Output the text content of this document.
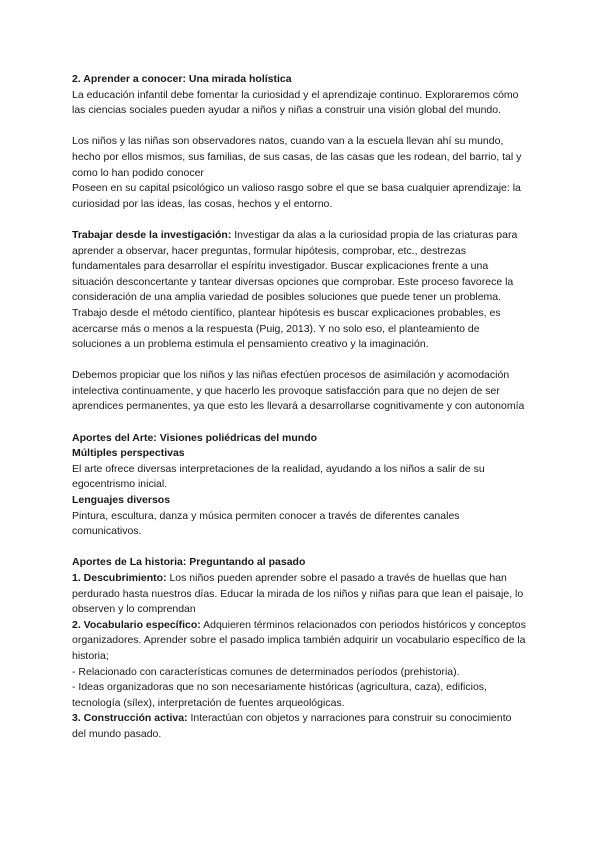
2. Aprender a conocer: Una mirada holística

La educación infantil debe fomentar la curiosidad y el aprendizaje continuo. Exploraremos cómo las ciencias sociales pueden ayudar a niños y niñas a construir una visión global del mundo.

Los niños y las niñas son observadores natos, cuando van a la escuela llevan ahí su mundo, hecho por ellos mismos, sus familias, de sus casas, de las casas que les rodean, del barrio, tal y como lo han podido conocer

Poseen en su capital psicológico un valioso rasgo sobre el que se basa cualquier aprendizaje: la curiosidad por las ideas, las cosas, hechos y el entorno.

Trabajar desde la investigación: Investigar da alas a la curiosidad propia de las criaturas para aprender a observar, hacer preguntas, formular hipótesis, comprobar, etc., destrezas fundamentales para desarrollar el espíritu investigador. Buscar explicaciones frente a una situación desconcertante y tantear diversas opciones que comprobar. Este proceso favorece la consideración de una amplia variedad de posibles soluciones que puede tener un problema. Trabajo desde el método científico, plantear hipótesis es buscar explicaciones probables, es acercarse más o menos a la respuesta (Puig, 2013). Y no solo eso, el planteamiento de soluciones a un problema estimula el pensamiento creativo y la imaginación.

Debemos propiciar que los niños y las niñas efectúen procesos de asimilación y acomodación intelectiva continuamente, y que hacerlo les provoque satisfacción para que no dejen de ser aprendices permanentes, ya que esto les llevará a desarrollarse cognitivamente y con autonomía

Aportes del Arte: Visiones poliédricas del mundo

Múltiples perspectivas

El arte ofrece diversas interpretaciones de la realidad, ayudando a los niños a salir de su egocentrismo inicial.

Lenguajes diversos

Pintura, escultura, danza y música permiten conocer a través de diferentes canales comunicativos.

Aportes de La historia: Preguntando al pasado

1. Descubrimiento: Los niños pueden aprender sobre el pasado a través de huellas que han perdurado hasta nuestros días. Educar la mirada de los niños y niñas para que lean el paisaje, lo observen y lo comprendan

2. Vocabulario específico: Adquieren términos relacionados con periodos históricos y conceptos organizadores. Aprender sobre el pasado implica también adquirir un vocabulario específico de la historia;

- Relacionado con características comunes de determinados períodos (prehistoria).

- Ideas organizadoras que no son necesariamente históricas (agricultura, caza), edificios, tecnología (sílex), interpretación de fuentes arqueológicas.

3. Construcción activa: Interactúan con objetos y narraciones para construir su conocimiento del mundo pasado.
